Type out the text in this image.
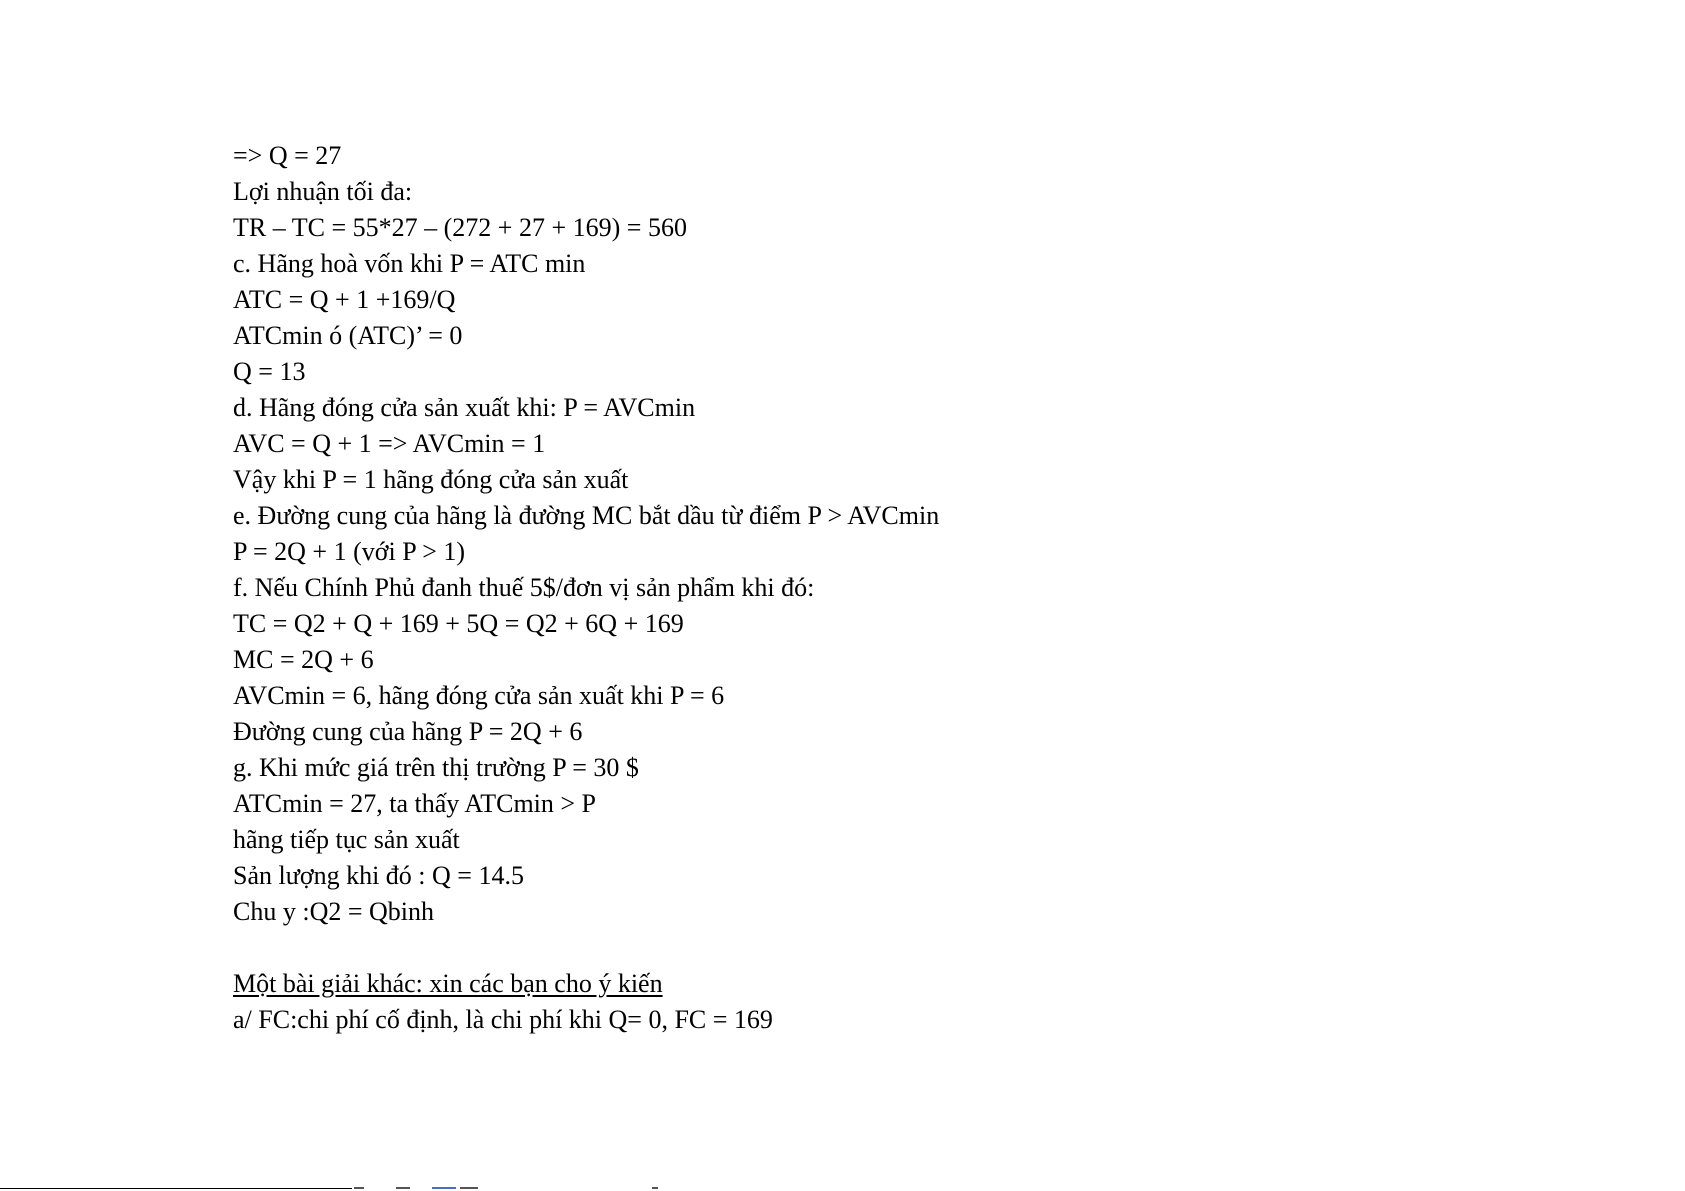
=> Q = 27
Lợi nhuận tối đa:
TR – TC = 55*27 – (272 + 27 + 169) = 560
c. Hãng hoà vốn khi P = ATC min
ATC = Q + 1 +169/Q
ATCmin ó (ATC)’ = 0
Q = 13
d. Hãng đóng cửa sản xuất khi: P = AVCmin
AVC = Q + 1 => AVCmin = 1
Vậy khi P = 1 hãng đóng cửa sản xuất
e. Đường cung của hãng là đường MC bắt dầu từ điểm P > AVCmin
P = 2Q + 1 (với P > 1)
f. Nếu Chính Phủ đanh thuế 5$/đơn vị sản phẩm khi đó:
TC = Q2 + Q + 169 + 5Q = Q2 + 6Q + 169
MC = 2Q + 6
AVCmin = 6, hãng đóng cửa sản xuất khi P = 6
Đường cung của hãng P = 2Q + 6
g. Khi mức giá trên thị trường P = 30 $
ATCmin = 27, ta thấy ATCmin > P
hãng tiếp tục sản xuất
Sản lượng khi đó : Q = 14.5
Chu y :Q2 = Qbinh
Một bài giải khác: xin các bạn cho ý kiến
a/ FC:chi phí cố định, là chi phí khi Q= 0, FC = 169
